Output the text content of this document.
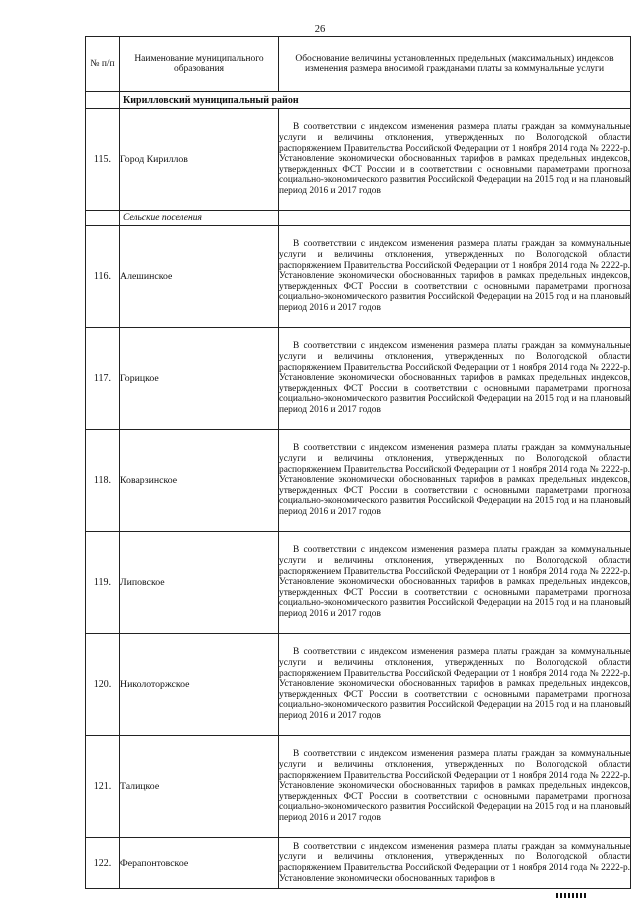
26
№ п/п	Наименование муниципального образования	Обоснование величины установленных предельных (максимальных) индексов изменения размера вносимой гражданами платы за коммунальные услуги
	Кирилловский муниципальный район	
115.	Город Кириллов	В соответствии с индексом изменения размера платы граждан за коммунальные услуги и величины отклонения, утвержденных по Вологодской области распоряжением Правительства Российской Федерации от 1 ноября 2014 года № 2222-р. Установление экономически обоснованных тарифов в рамках предельных индексов, утвержденных ФСТ России и в соответствии с основными параметрами прогноза социально-экономического развития Российской Федерации на 2015 год и на плановый период 2016 и 2017 годов

	Сельские поселения	
116.	Алешинское	В соответствии с индексом изменения размера платы граждан за коммунальные услуги и величины отклонения, утвержденных по Вологодской области распоряжением Правительства Российской Федерации от 1 ноября 2014 года № 2222-р. Установление экономически обоснованных тарифов в рамках предельных индексов, утвержденных ФСТ России в соответствии с основными параметрами прогноза социально-экономического развития Российской Федерации на 2015 год и на плановый период 2016 и 2017 годов

117.	Горицкое	В соответствии с индексом изменения размера платы граждан за коммунальные услуги и величины отклонения, утвержденных по Вологодской области распоряжением Правительства Российской Федерации от 1 ноября 2014 года № 2222-р. Установление экономически обоснованных тарифов в рамках предельных индексов, утвержденных ФСТ России в соответствии с основными параметрами прогноза социально-экономического развития Российской Федерации на 2015 год и на плановый период 2016 и 2017 годов

118.	Коварзинское	В соответствии с индексом изменения размера платы граждан за коммунальные услуги и величины отклонения, утвержденных по Вологодской области распоряжением Правительства Российской Федерации от 1 ноября 2014 года № 2222-р. Установление экономически обоснованных тарифов в рамках предельных индексов, утвержденных ФСТ России в соответствии с основными параметрами прогноза социально-экономического развития Российской Федерации на 2015 год и на плановый период 2016 и 2017 годов

119.	Липовское	В соответствии с индексом изменения размера платы граждан за коммунальные услуги и величины отклонения, утвержденных по Вологодской области распоряжением Правительства Российской Федерации от 1 ноября 2014 года № 2222-р. Установление экономически обоснованных тарифов в рамках предельных индексов, утвержденных ФСТ России в соответствии с основными параметрами прогноза социально-экономического развития Российской Федерации на 2015 год и на плановый период 2016 и 2017 годов

120.	Николоторжское	В соответствии с индексом изменения размера платы граждан за коммунальные услуги и величины отклонения, утвержденных по Вологодской области распоряжением Правительства Российской Федерации от 1 ноября 2014 года № 2222-р. Установление экономически обоснованных тарифов в рамках предельных индексов, утвержденных ФСТ России в соответствии с основными параметрами прогноза социально-экономического развития Российской Федерации на 2015 год и на плановый период 2016 и 2017 годов

121.	Талицкое	В соответствии с индексом изменения размера платы граждан за коммунальные услуги и величины отклонения, утвержденных по Вологодской области распоряжением Правительства Российской Федерации от 1 ноября 2014 года № 2222-р. Установление экономически обоснованных тарифов в рамках предельных индексов, утвержденных ФСТ России в соответствии с основными параметрами прогноза социально-экономического развития Российской Федерации на 2015 год и на плановый период 2016 и 2017 годов

122.	Ферапонтовское	В соответствии с индексом изменения размера платы граждан за коммунальные услуги и величины отклонения, утвержденных по Вологодской области распоряжением Правительства Российской Федерации от 1 ноября 2014 года № 2222-р. Установление экономически обоснованных тарифов в
